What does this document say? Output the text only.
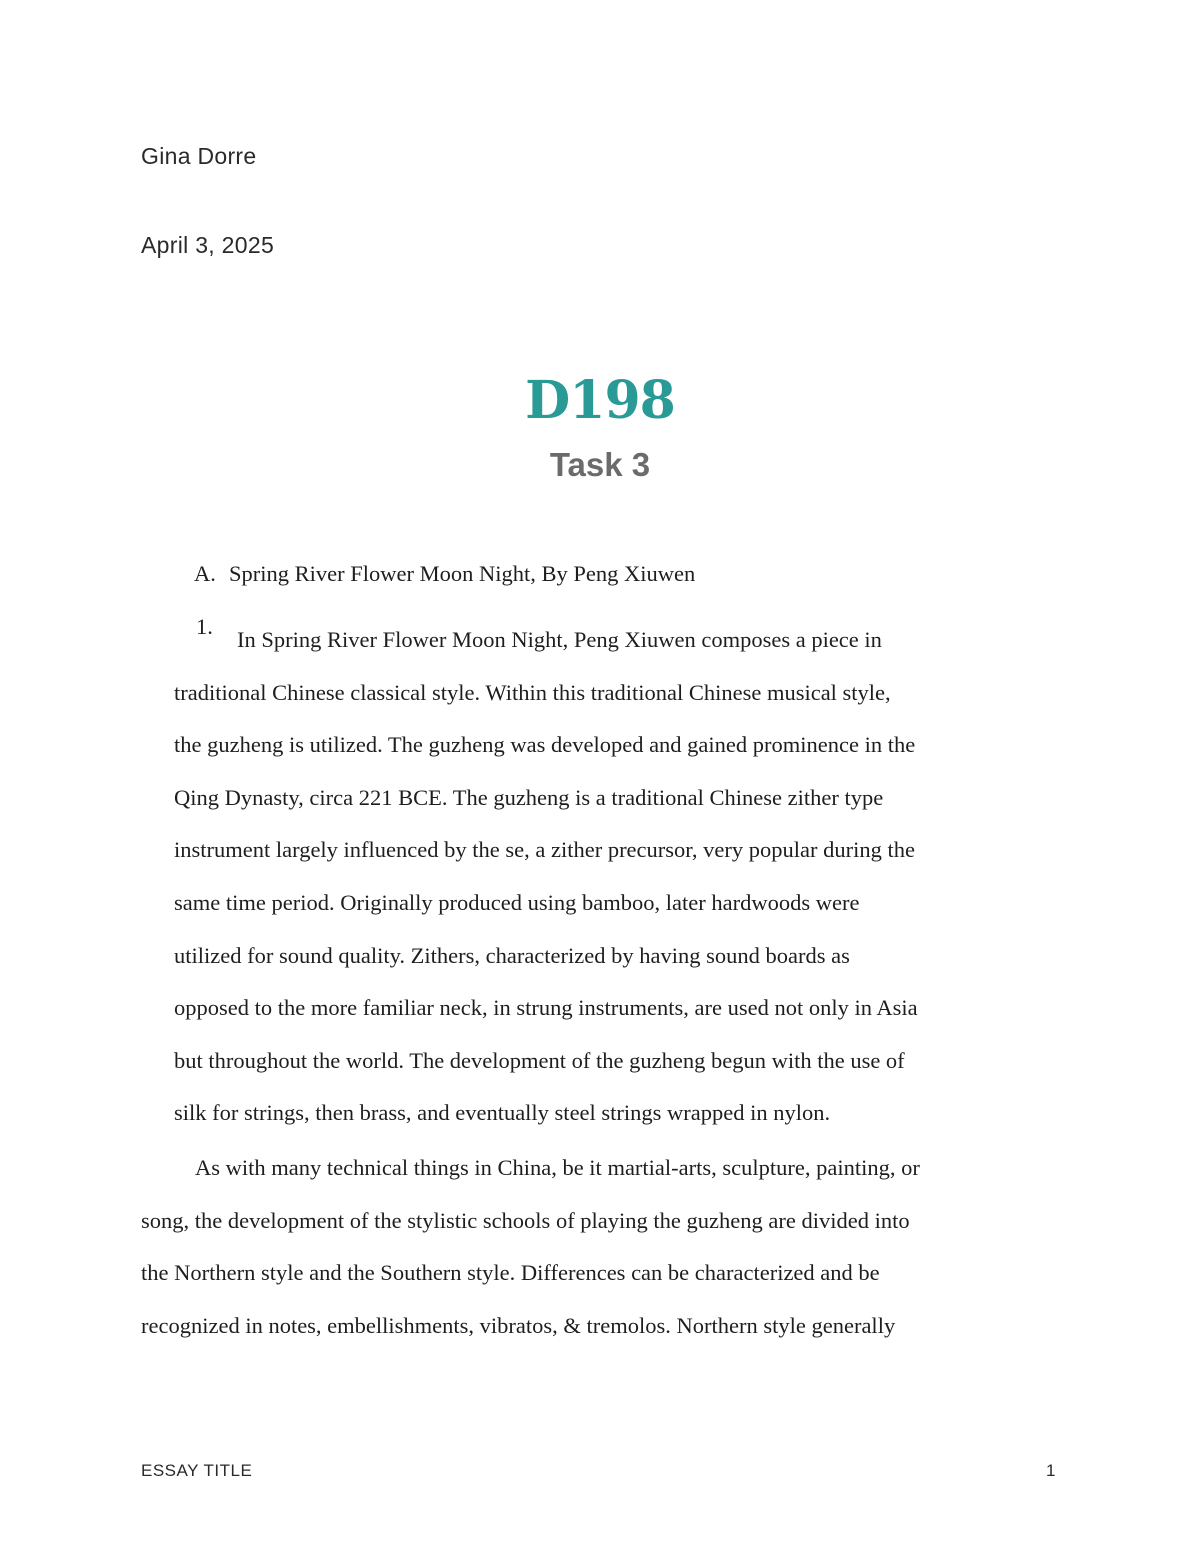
Gina Dorre
April 3, 2025
D198
Task 3
A. Spring River Flower Moon Night, By Peng Xiuwen
1.
In Spring River Flower Moon Night, Peng Xiuwen composes a piece in
traditional Chinese classical style. Within this traditional Chinese musical style,
the guzheng is utilized. The guzheng was developed and gained prominence in the
Qing Dynasty, circa 221 BCE. The guzheng is a traditional Chinese zither type
instrument largely influenced by the se, a zither precursor, very popular during the
same time period. Originally produced using bamboo, later hardwoods were
utilized for sound quality. Zithers, characterized by having sound boards as
opposed to the more familiar neck, in strung instruments, are used not only in Asia
but throughout the world. The development of the guzheng begun with the use of
silk for strings, then brass, and eventually steel strings wrapped in nylon.
As with many technical things in China, be it martial-arts, sculpture, painting, or
song, the development of the stylistic schools of playing the guzheng are divided into
the Northern style and the Southern style. Differences can be characterized and be
recognized in notes, embellishments, vibratos, & tremolos. Northern style generally
ESSAY TITLE	1
